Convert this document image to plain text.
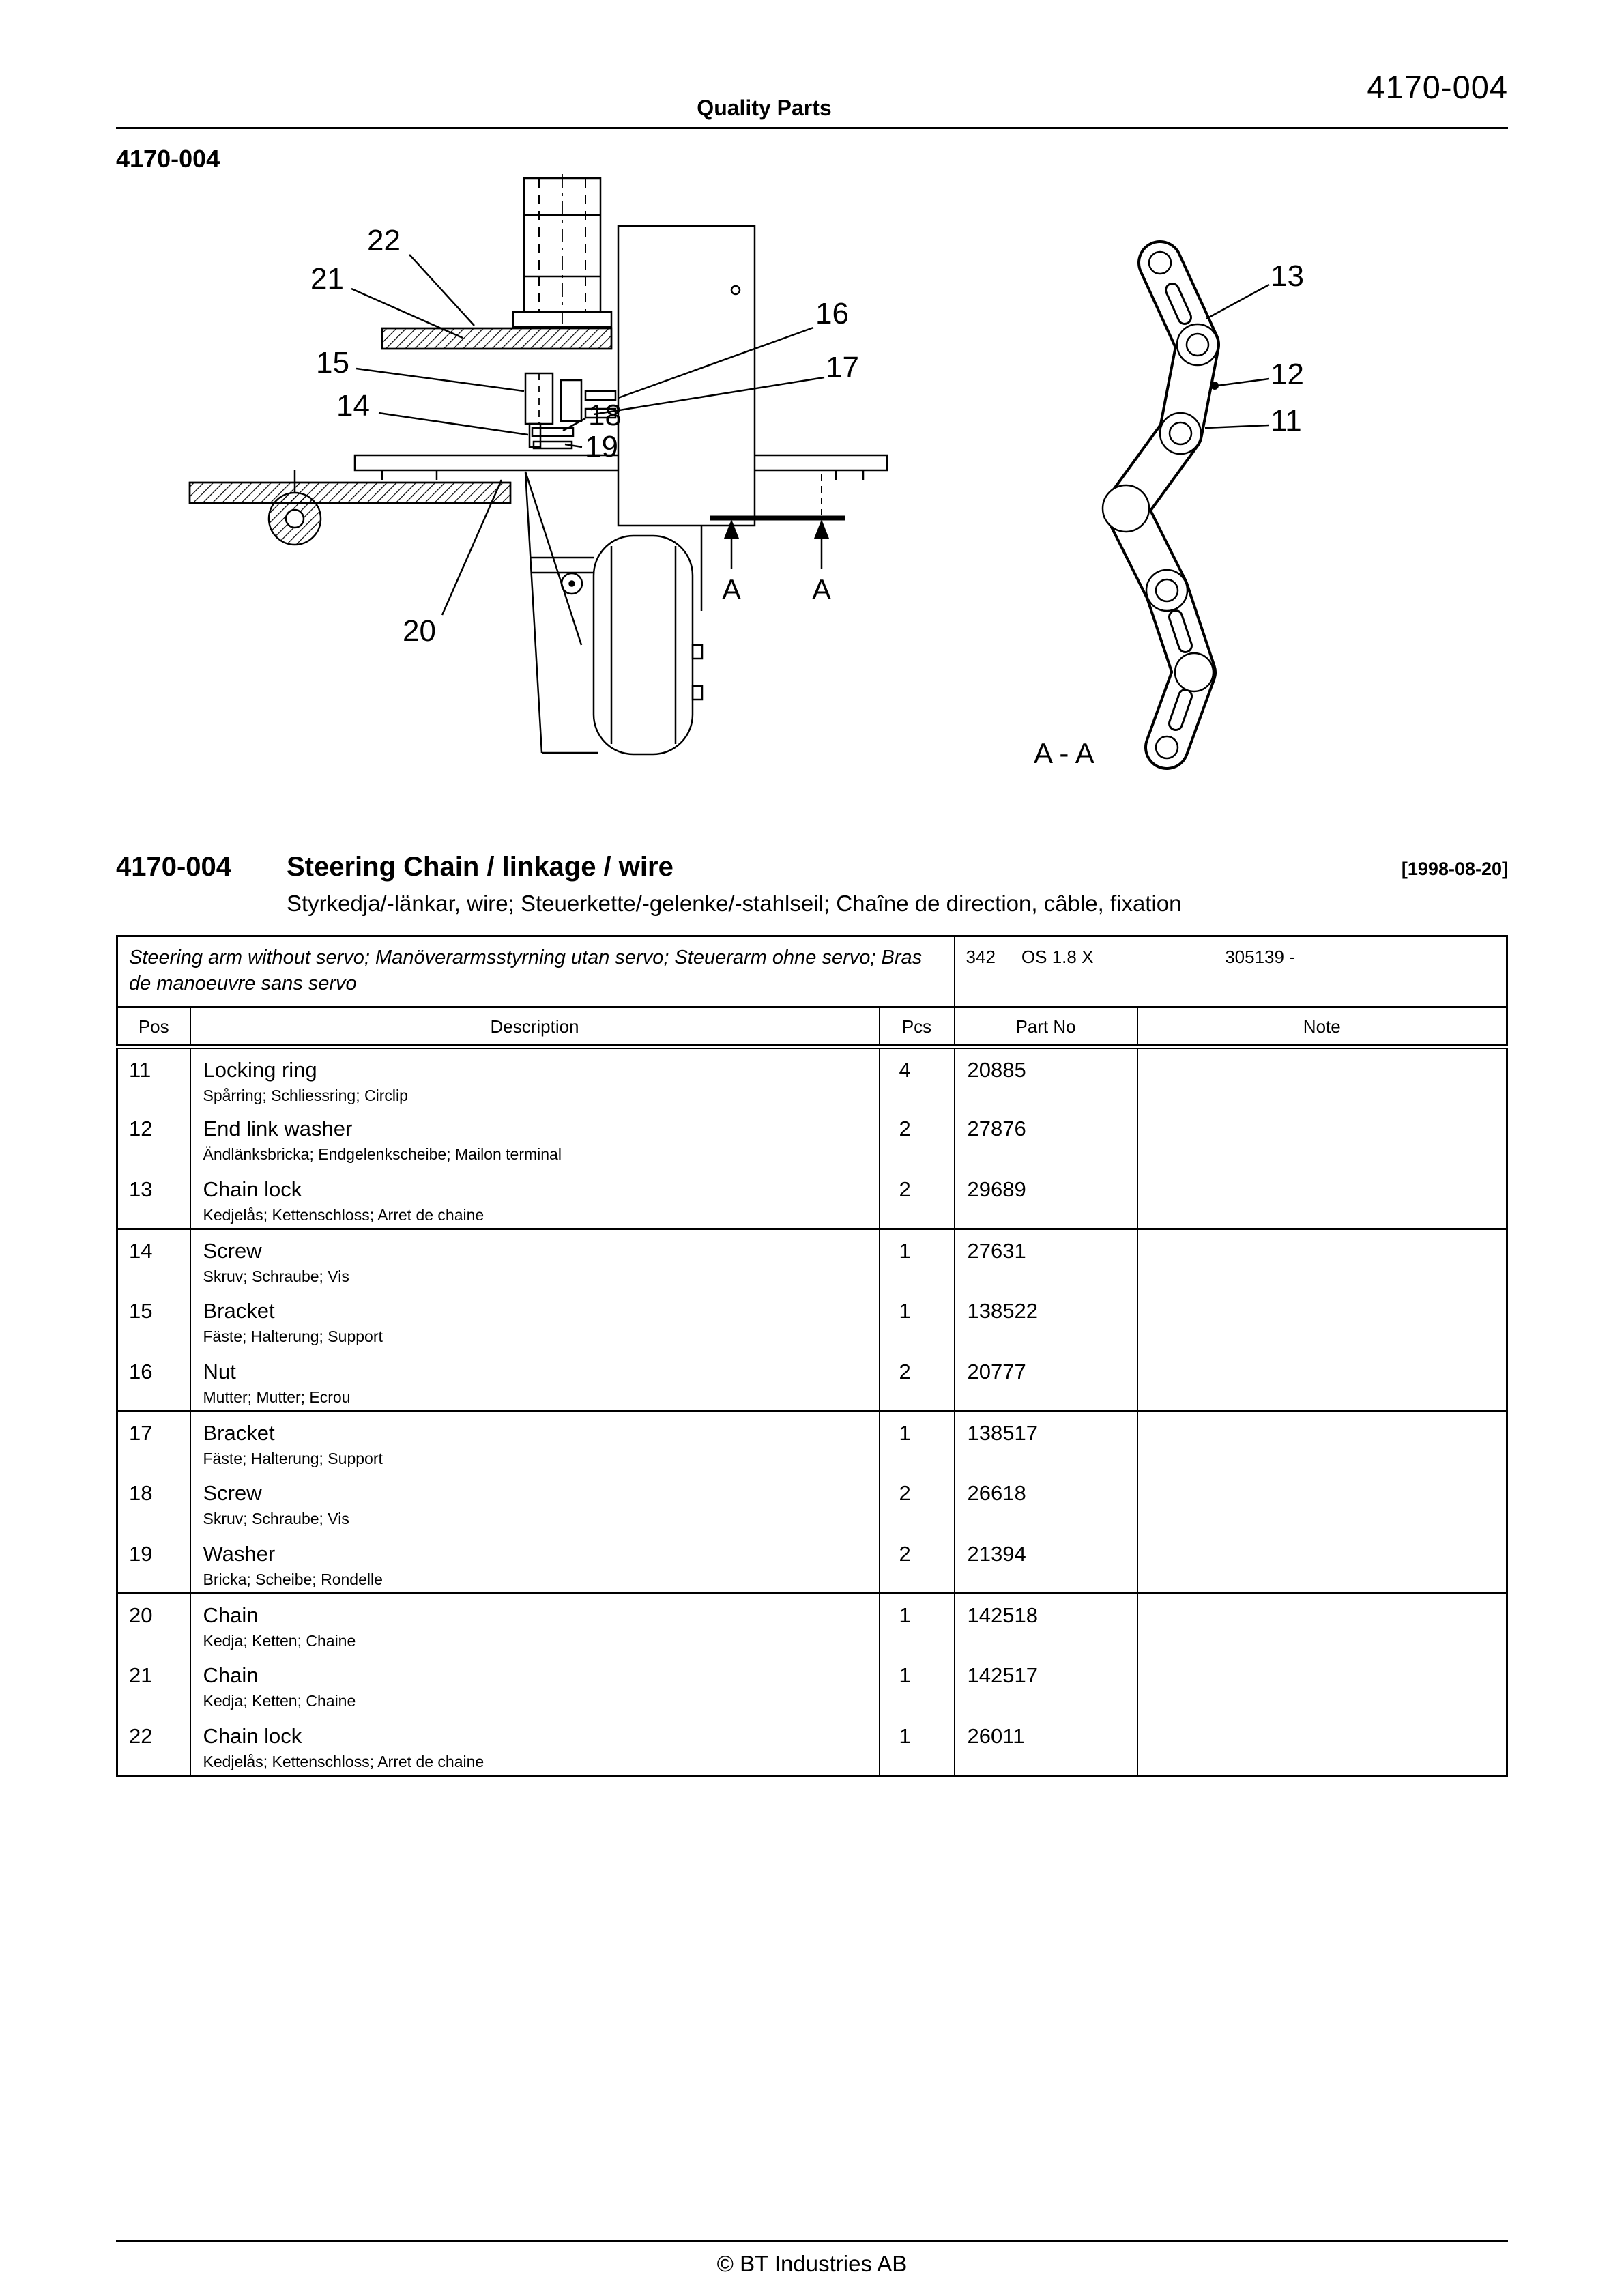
4170-004
Quality Parts
4170-004
22
21
15
14
16
17
18
19
20
13
12
11
A A
A - A
4170-004	Steering Chain / linkage / wire	[1998-08-20]
Styrkedja/-länkar, wire; Steuerkette/-gelenke/-stahlseil; Chaîne de direction, câble, fixation
Steering arm without servo; Manöverarmsstyrning utan servo; Steuerarm ohne servo; Bras de manoeuvre sans servo			342 OS 1.8 X 305139 -	

Pos	Description	Pcs	Part No	Note
11	Locking ring
Spårring; Schliessring; Circlip	4	20885	
12	End link washer
Ändlänksbricka; Endgelenkscheibe; Mailon terminal	2	27876	
13	Chain lock
Kedjelås; Kettenschloss; Arret de chaine	2	29689	
14	Screw
Skruv; Schraube; Vis	1	27631	
15	Bracket
Fäste; Halterung; Support	1	138522	
16	Nut
Mutter; Mutter; Ecrou	2	20777	
17	Bracket
Fäste; Halterung; Support	1	138517	
18	Screw
Skruv; Schraube; Vis	2	26618	
19	Washer
Bricka; Scheibe; Rondelle	2	21394	
20	Chain
Kedja; Ketten; Chaine	1	142518	
21	Chain
Kedja; Ketten; Chaine	1	142517	
22	Chain lock
Kedjelås; Kettenschloss; Arret de chaine	1	26011	
© BT Industries AB
